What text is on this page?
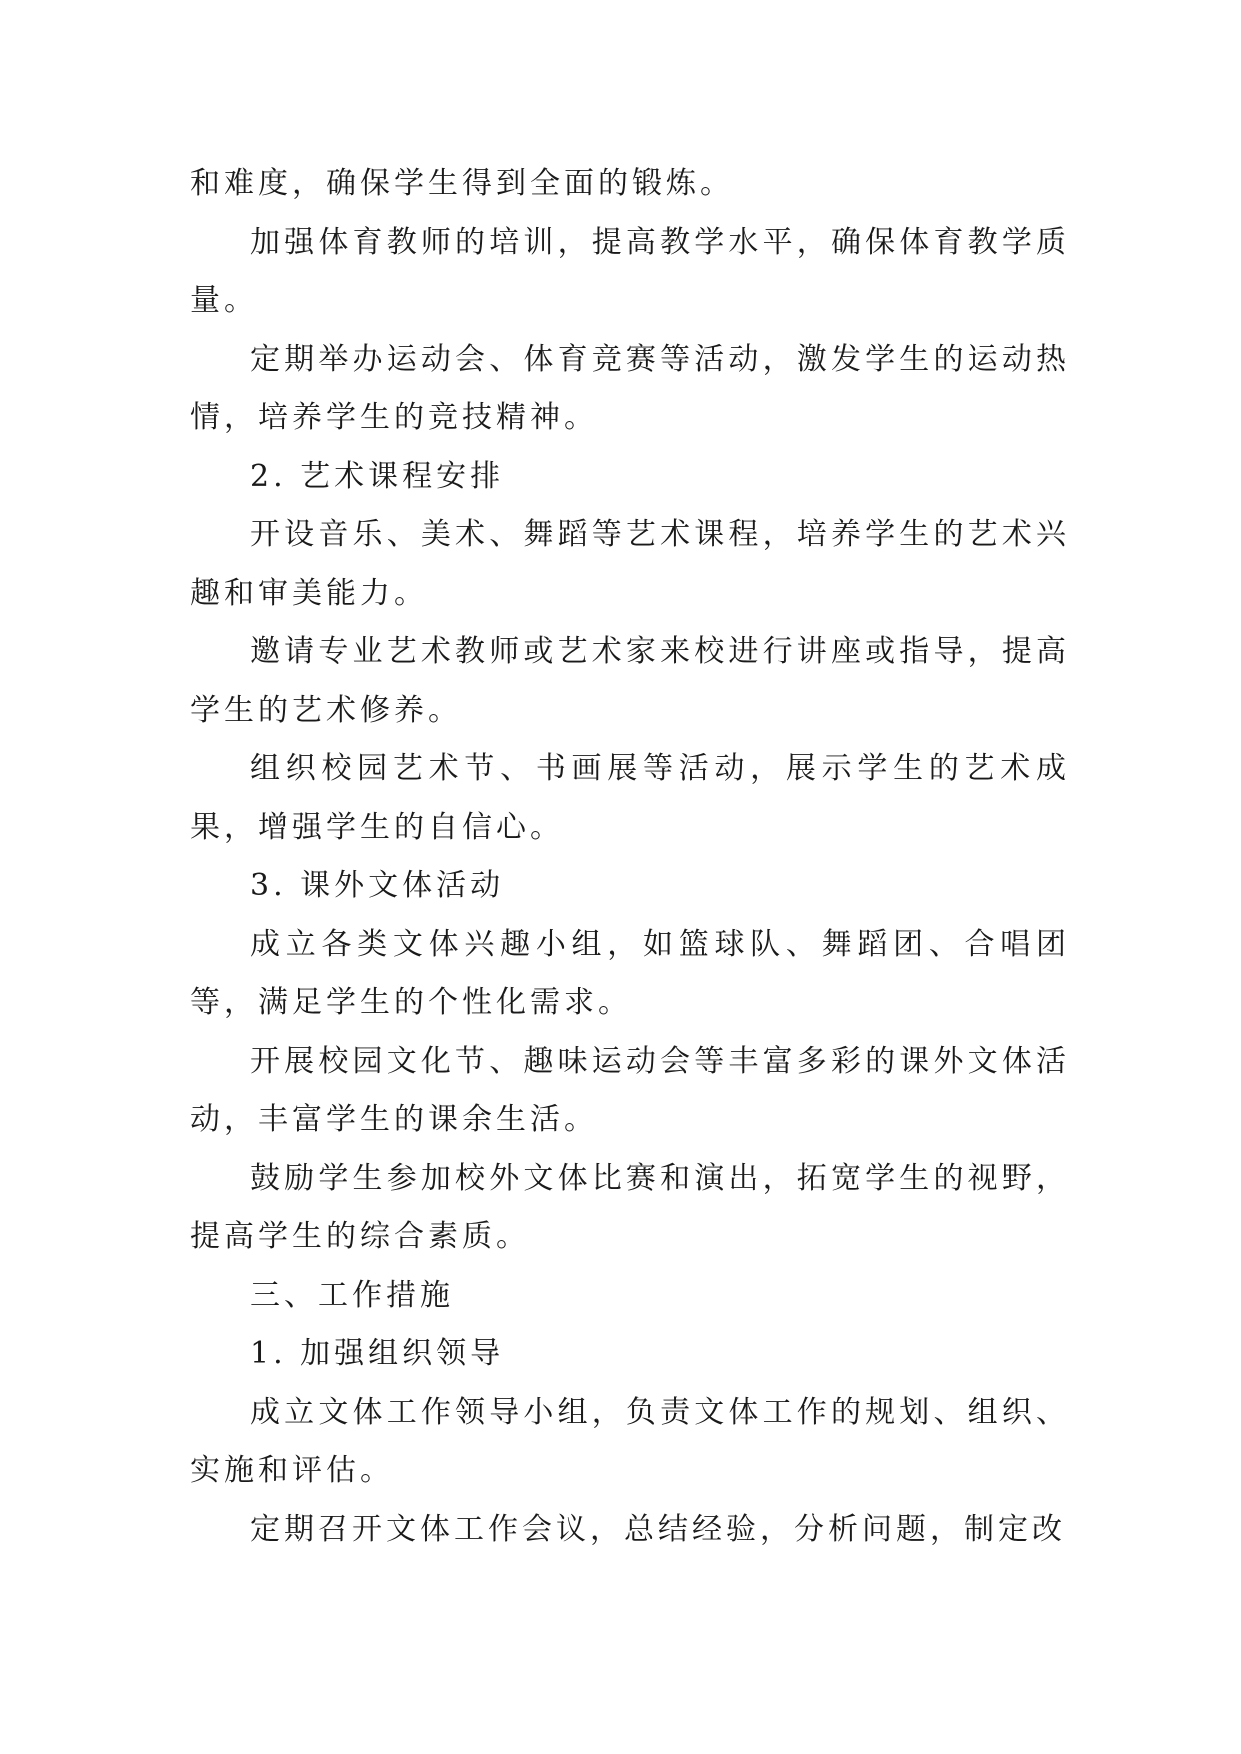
和难度，确保学生得到全面的锻炼。

加强体育教师的培训，提高教学水平，确保体育教学质量。

定期举办运动会、体育竞赛等活动，激发学生的运动热情，培养学生的竞技精神。

2. 艺术课程安排

开设音乐、美术、舞蹈等艺术课程，培养学生的艺术兴趣和审美能力。

邀请专业艺术教师或艺术家来校进行讲座或指导，提高学生的艺术修养。

组织校园艺术节、书画展等活动，展示学生的艺术成果，增强学生的自信心。

3. 课外文体活动

成立各类文体兴趣小组，如篮球队、舞蹈团、合唱团等，满足学生的个性化需求。

开展校园文化节、趣味运动会等丰富多彩的课外文体活动，丰富学生的课余生活。

鼓励学生参加校外文体比赛和演出，拓宽学生的视野，提高学生的综合素质。

三、工作措施

1. 加强组织领导

成立文体工作领导小组，负责文体工作的规划、组织、实施和评估。

定期召开文体工作会议，总结经验，分析问题，制定改
